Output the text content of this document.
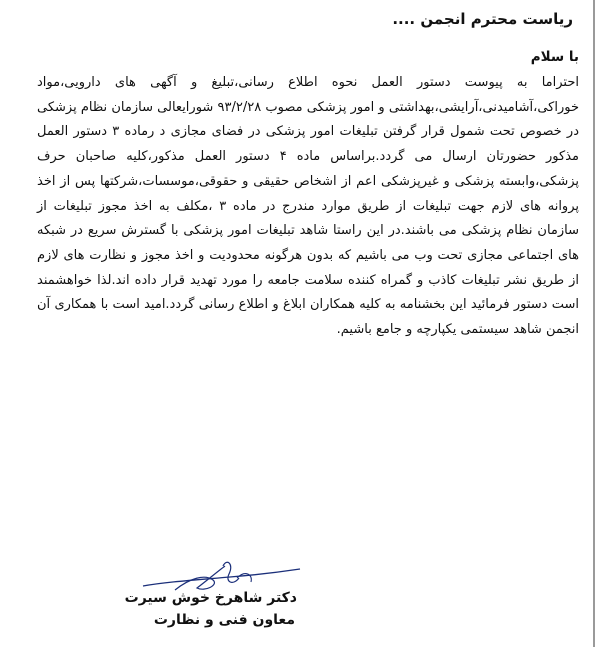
ریاست محترم انجمن ....
با سلام
احتراما به پیوست دستور العمل نحوه اطلاع رسانی،تبلیغ و آگهی های دارویی،مواد خوراکی،آشامیدنی،آرایشی،بهداشتی و امور پزشکی مصوب ۹۳/۲/۲۸ شورایعالی سازمان نظام پزشکی در خصوص تحت شمول قرار گرفتن تبلیغات امور پزشکی در فضای مجازی د رماده ۳ دستور العمل مذکور حضورتان ارسال می گردد.براساس ماده ۴ دستور العمل مذکور،کلیه صاحبان حرف پزشکی،وابسته پزشکی و غیرپزشکی اعم از اشخاص حقیقی و حقوقی،موسسات،شرکتها پس از اخذ پروانه های لازم جهت تبلیغات از طریق موارد مندرج در ماده ۳ ،مکلف به اخذ مجوز تبلیغات از سازمان نظام پزشکی می باشند.در این راستا شاهد تبلیغات امور پزشکی با گسترش سریع در شبکه های اجتماعی مجازی تحت وب می باشیم که بدون هرگونه محدودیت و اخذ مجوز و نظارت های لازم از طریق نشر تبلیغات کاذب و گمراه کننده سلامت جامعه را مورد تهدید قرار داده اند.لذا خواهشمند است دستور فرمائید این بخشنامه به کلیه همکاران ابلاغ و اطلاع رسانی گردد.امید است با همکاری آن انجمن شاهد سیستمی یکپارچه و جامع باشیم.
دکتر شاهرخ خوش سیرت
معاون فنی و نظارت
